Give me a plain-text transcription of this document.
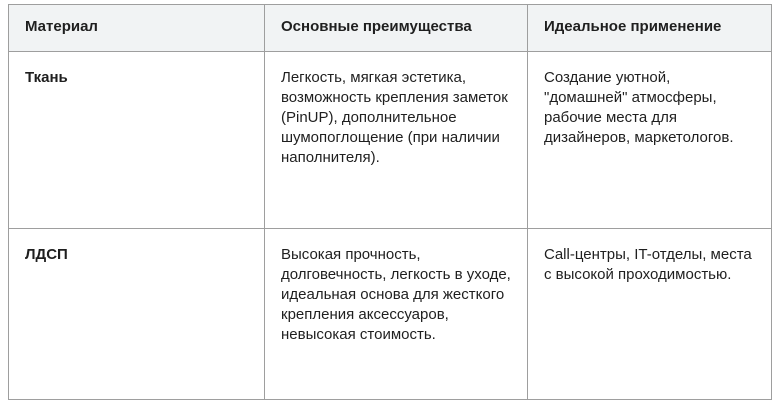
Материал	Основные преимущества	Идеальное применение
Ткань	Легкость, мягкая эстетика, возможность крепления заметок (PinUP), дополнительное шумопоглощение (при наличии наполнителя).	Создание уютной, "домашней" атмосферы, рабочие места для дизайнеров, маркетологов.
ЛДСП	Высокая прочность, долговечность, легкость в уходе, идеальная основа для жесткого крепления аксессуаров, невысокая стоимость.	Call-центры, IT-отделы, места с высокой проходимостью.
